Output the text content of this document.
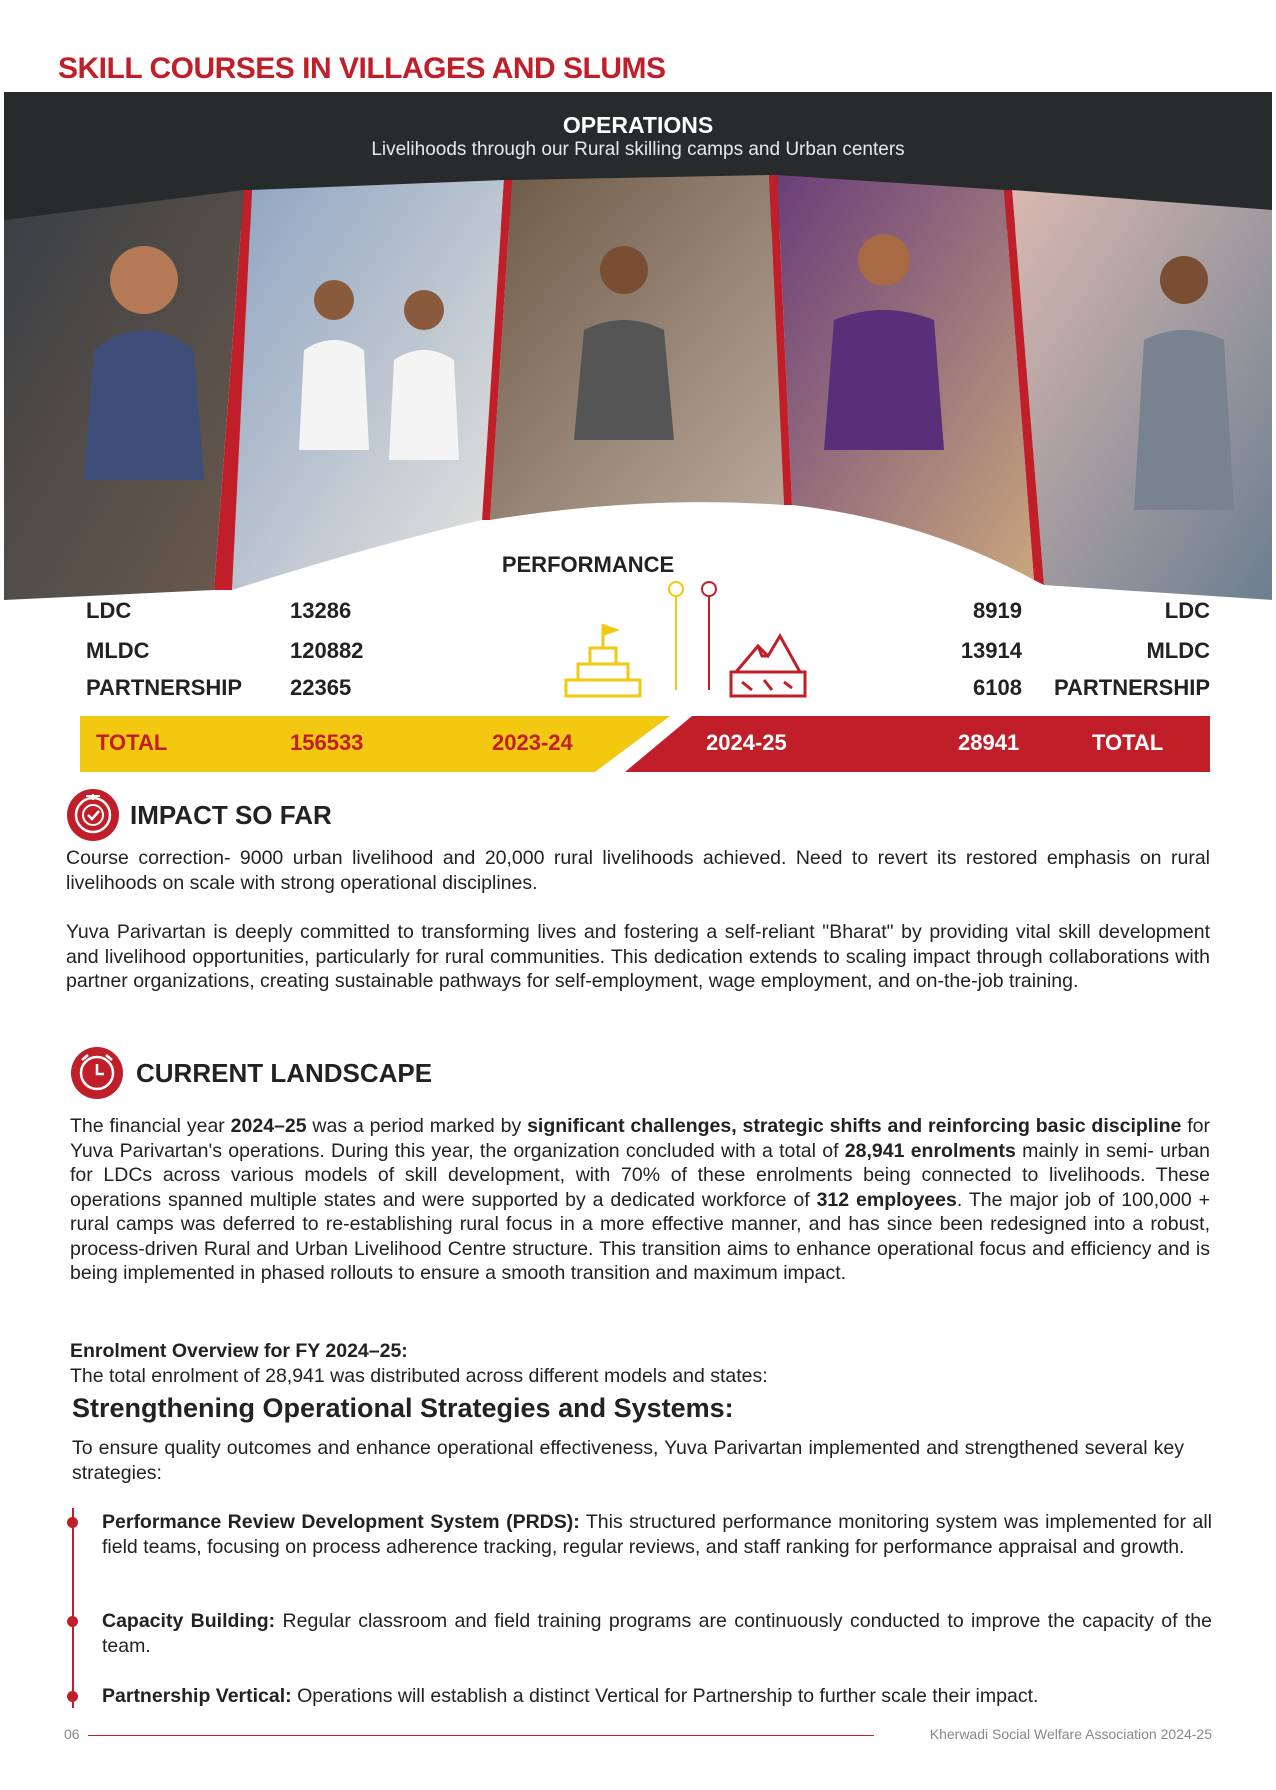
SKILL COURSES IN VILLAGES AND SLUMS
OPERATIONS
Livelihoods through our Rural skilling camps and Urban centers
PERFORMANCE
LDC	13286
MLDC	120882
PARTNERSHIP 22365
8919	LDC
13914	MLDC
6108 PARTNERSHIP
TOTAL	156533	2023-24	2024-25	28941	TOTAL
IMPACT SO FAR
Course correction- 9000 urban livelihood and 20,000 rural livelihoods achieved. Need to revert its restored emphasis on rural livelihoods on scale with strong operational disciplines.
Yuva Parivartan is deeply committed to transforming lives and fostering a self-reliant "Bharat" by providing vital skill development and livelihood opportunities, particularly for rural communities. This dedication extends to scaling impact through collaborations with partner organizations, creating sustainable pathways for self-employment, wage employment, and on-the-job training.
CURRENT LANDSCAPE
The financial year 2024–25 was a period marked by significant challenges, strategic shifts and reinforcing basic discipline for Yuva Parivartan's operations. During this year, the organization concluded with a total of 28,941 enrolments mainly in semi- urban for LDCs across various models of skill development, with 70% of these enrolments being connected to livelihoods. These operations spanned multiple states and were supported by a dedicated workforce of 312 employees. The major job of 100,000 + rural camps was deferred to re-establishing rural focus in a more effective manner, and has since been redesigned into a robust, process-driven Rural and Urban Livelihood Centre structure. This transition aims to enhance operational focus and efficiency and is being implemented in phased rollouts to ensure a smooth transition and maximum impact.
Enrolment Overview for FY 2024–25:
The total enrolment of 28,941 was distributed across different models and states:
Strengthening Operational Strategies and Systems:
To ensure quality outcomes and enhance operational effectiveness, Yuva Parivartan implemented and strengthened several key strategies:
Performance Review Development System (PRDS): This structured performance monitoring system was implemented for all field teams, focusing on process adherence tracking, regular reviews, and staff ranking for performance appraisal and growth.
Capacity Building: Regular classroom and field training programs are continuously conducted to improve the capacity of the team.
Partnership Vertical: Operations will establish a distinct Vertical for Partnership to further scale their impact.
06	Kherwadi Social Welfare Association 2024-25
